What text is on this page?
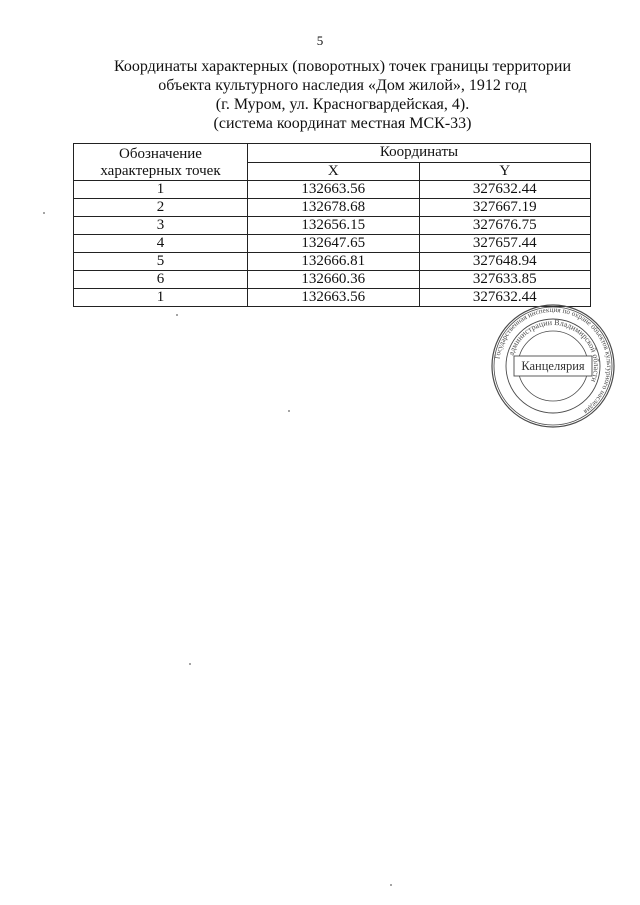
5
Координаты характерных (поворотных) точек границы территории
объекта культурного наследия «Дом жилой», 1912 год
(г. Муром, ул. Красногвардейская, 4).
(система координат местная МСК-33)
Обозначение
характерных точек	Координаты	
	X	Y
1	132663.56	327632.44
2	132678.68	327667.19
3	132656.15	327676.75
4	132647.65	327657.44
5	132666.81	327648.94
6	132660.36	327633.85
1	132663.56	327632.44
Государственная инспекция по охране объектов культурного наследия
администрации Владимирской области
Канцелярия
